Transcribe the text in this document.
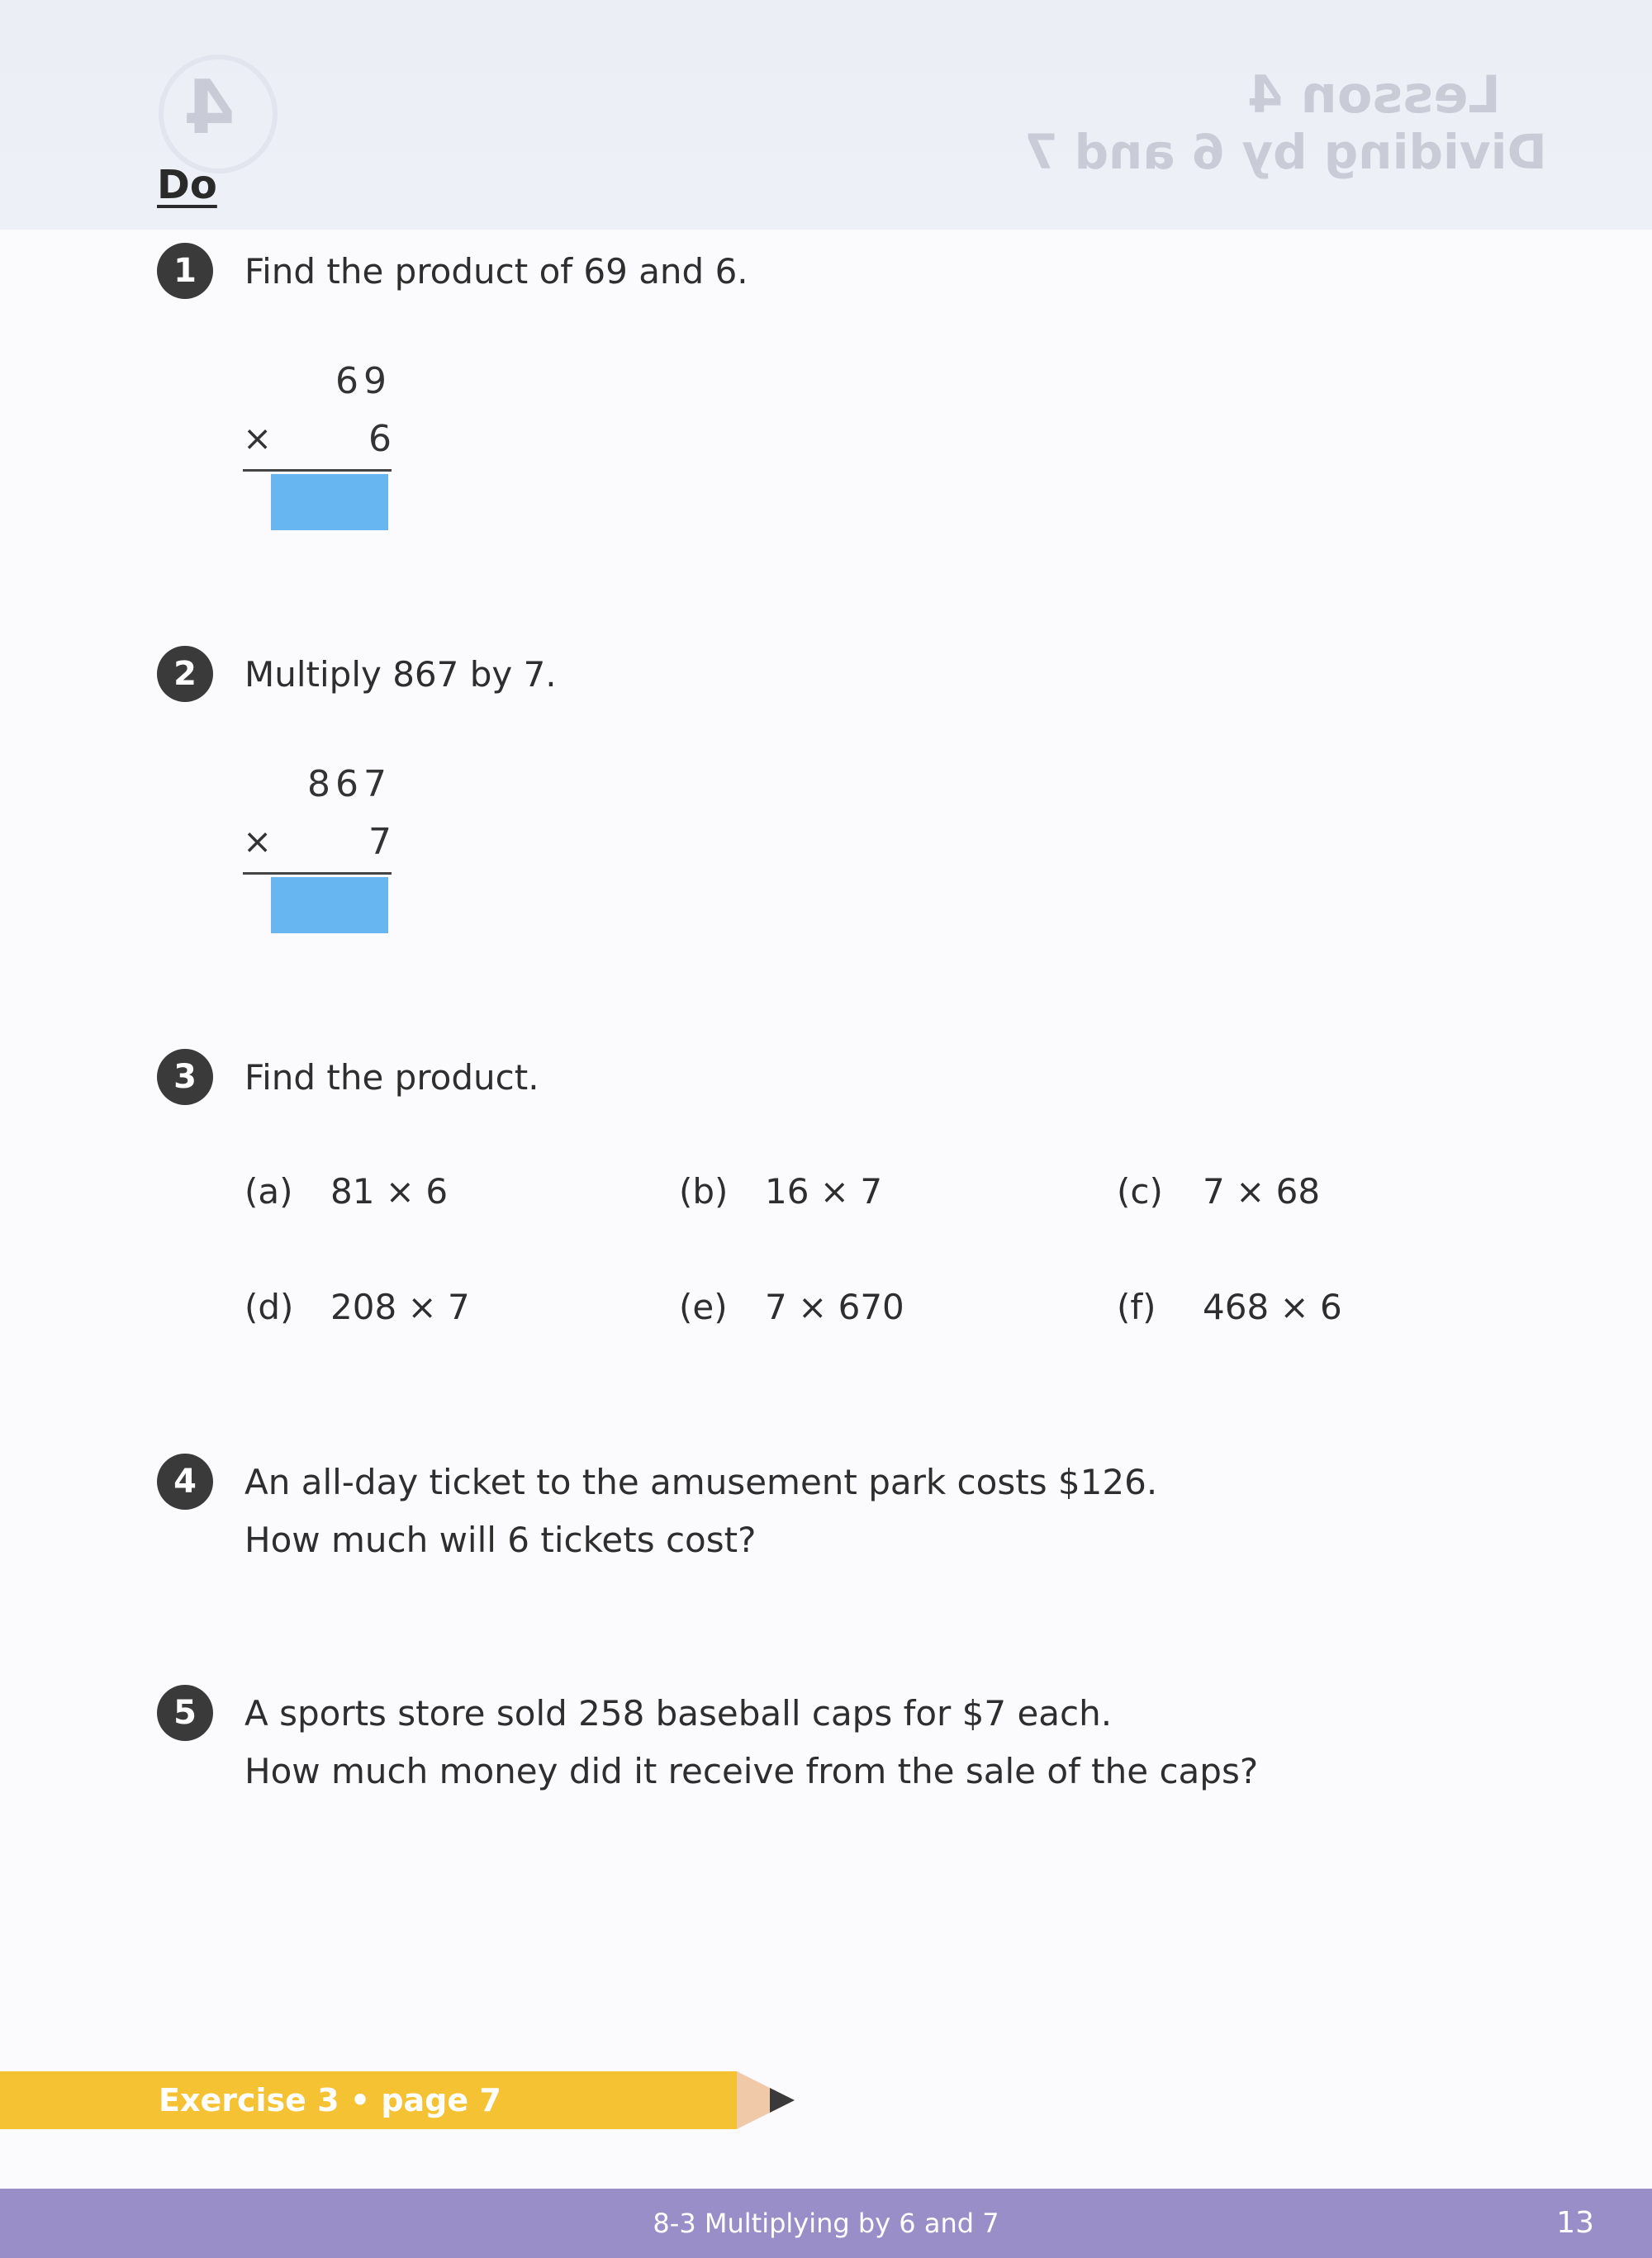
4	Lesson 4
Dividing by 6 and 7
Do
1	Find the product of 69 and 6.
69
×	6
2	Multiply 867 by 7.
867
×	7
3	Find the product.
(a) 81 × 6	(b) 16 × 7	(c) 7 × 68
(d) 208 × 7	(e) 7 × 670	(f) 468 × 6
4	An all-day ticket to the amusement park costs $126.
How much will 6 tickets cost?
5	A sports store sold 258 baseball caps for $7 each.
How much money did it receive from the sale of the caps?
Exercise 3 • page 7
8-3 Multiplying by 6 and 7	13
